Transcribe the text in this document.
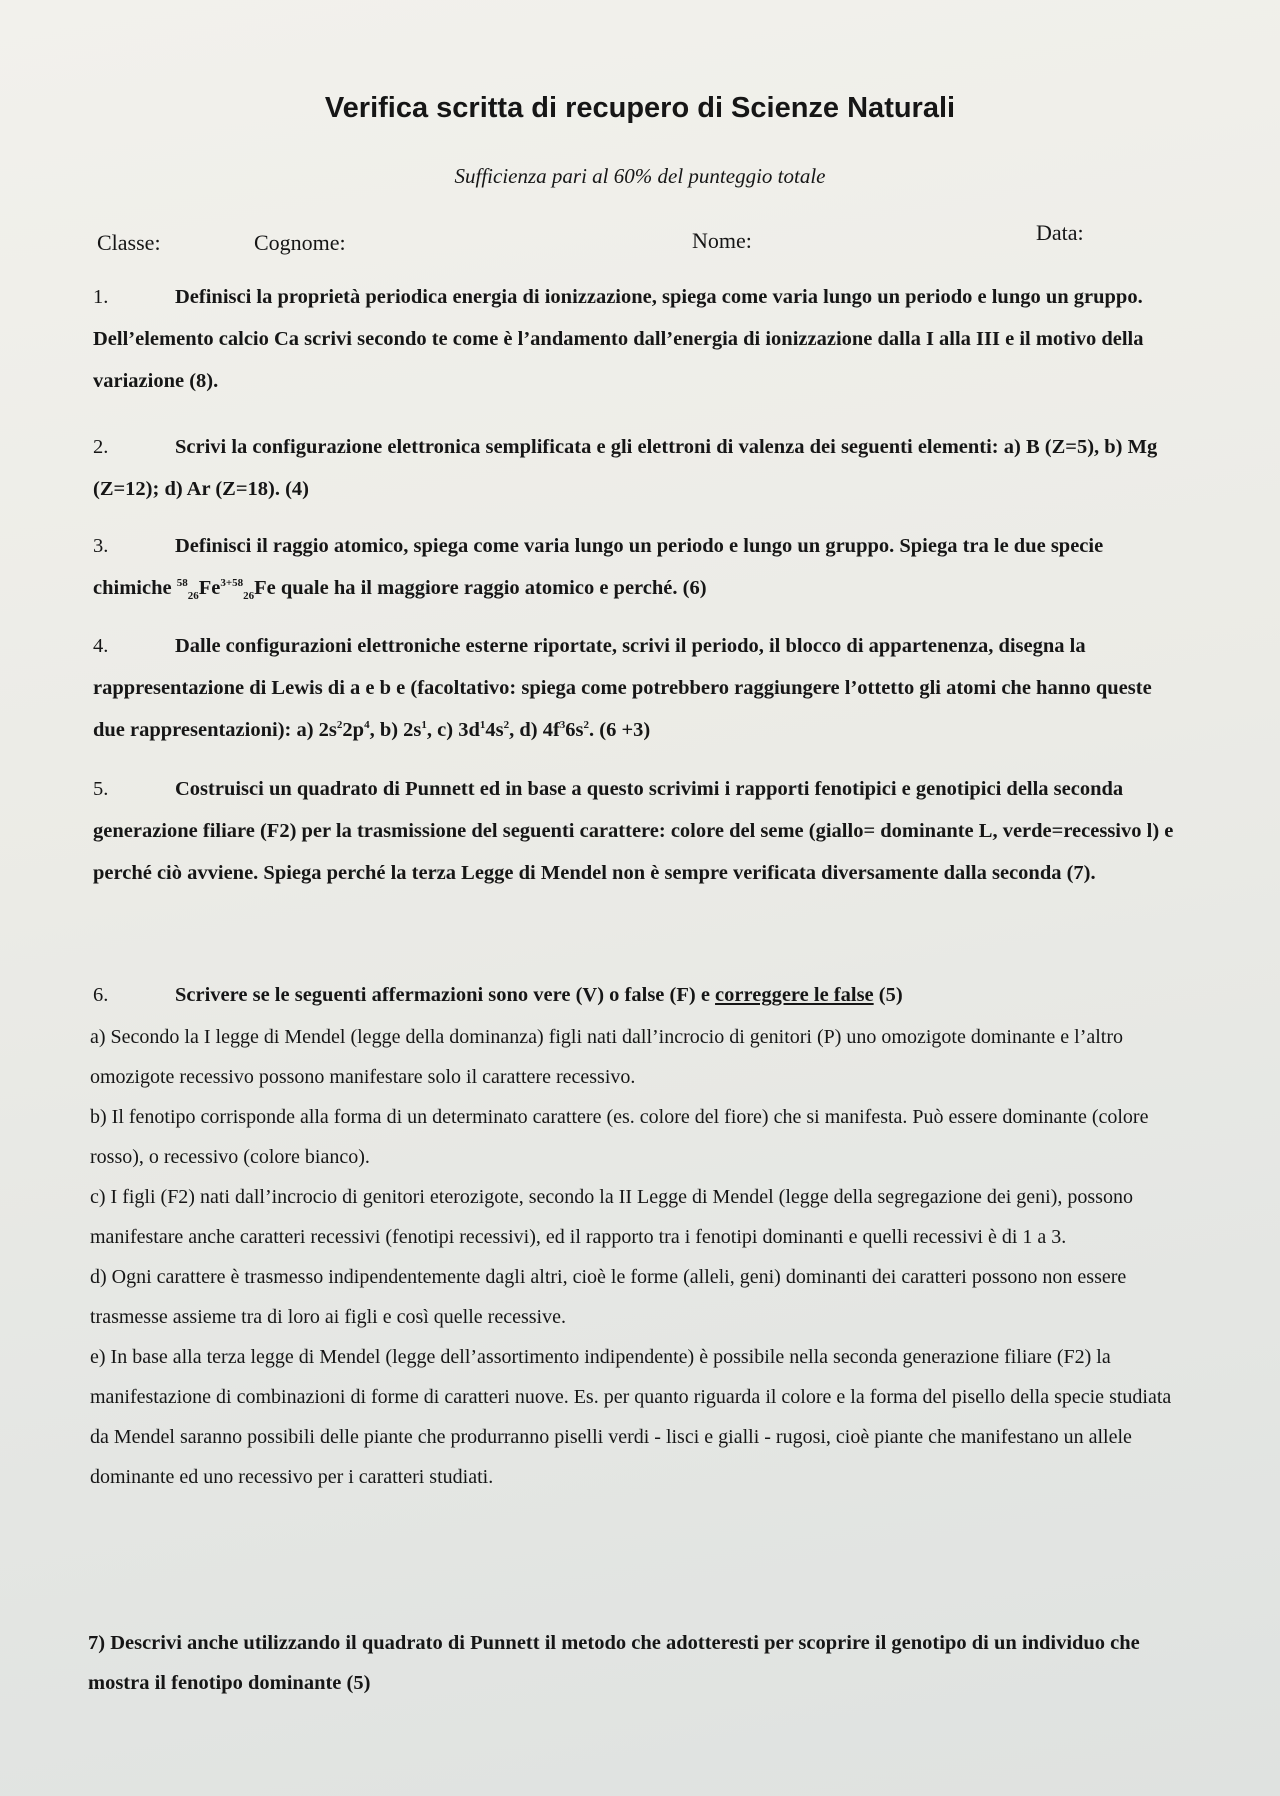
Verifica scritta di recupero di Scienze Naturali
Sufficienza pari al 60% del punteggio totale
Classe:	Cognome:	Nome:	Data:
1.	Definisci la proprietà periodica energia di ionizzazione, spiega come varia lungo un periodo e lungo un gruppo. Dell’elemento calcio Ca scrivi secondo te come è l’andamento dall’energia di ionizzazione dalla I alla III e il motivo della variazione (8).
2.	Scrivi la configurazione elettronica semplificata e gli elettroni di valenza dei seguenti elementi: a) B (Z=5), b) Mg (Z=12); d) Ar (Z=18). (4)
3.	Definisci il raggio atomico, spiega come varia lungo un periodo e lungo un gruppo. Spiega tra le due specie chimiche $^{58}_{26}Fe^{3+58}_{26}Fe$ quale ha il maggiore raggio atomico e perché. (6)
4.	Dalle configurazioni elettroniche esterne riportate, scrivi il periodo, il blocco di appartenenza, disegna la rappresentazione di Lewis di a e b e (facoltativo: spiega come potrebbero raggiungere l’ottetto gli atomi che hanno queste due rappresentazioni): a) $2s^22p^4$, b) $2s^1$, c) $3d^14s^2$, d) $4f^36s^2$. (6 +3)
5.	Costruisci un quadrato di Punnett ed in base a questo scrivimi i rapporti fenotipici e genotipici della seconda generazione filiare (F2) per la trasmissione del seguenti carattere: colore del seme (giallo= dominante L, verde=recessivo l) e perché ciò avviene. Spiega perché la terza Legge di Mendel non è sempre verificata diversamente dalla seconda (7).
6.	Scrivere se le seguenti affermazioni sono vere (V) o false (F) e correggere le false (5)

a) Secondo la I legge di Mendel (legge della dominanza) figli nati dall’incrocio di genitori (P) uno omozigote dominante e l’altro omozigote recessivo possono manifestare solo il carattere recessivo.

b) Il fenotipo corrisponde alla forma di un determinato carattere (es. colore del fiore) che si manifesta. Può essere dominante (colore rosso), o recessivo (colore bianco).

c) I figli (F2) nati dall’incrocio di genitori eterozigote, secondo la II Legge di Mendel (legge della segregazione dei geni), possono manifestare anche caratteri recessivi (fenotipi recessivi), ed il rapporto tra i fenotipi dominanti e quelli recessivi è di 1 a 3.

d) Ogni carattere è trasmesso indipendentemente dagli altri, cioè le forme (alleli, geni) dominanti dei caratteri possono non essere trasmesse assieme tra di loro ai figli e così quelle recessive.

e) In base alla terza legge di Mendel (legge dell’assortimento indipendente) è possibile nella seconda generazione filiare (F2) la manifestazione di combinazioni di forme di caratteri nuove. Es. per quanto riguarda il colore e la forma del pisello della specie studiata da Mendel saranno possibili delle piante che produrranno piselli verdi - lisci e gialli - rugosi, cioè piante che manifestano un allele dominante ed uno recessivo per i caratteri studiati.

7) Descrivi anche utilizzando il quadrato di Punnett il metodo che adotteresti per scoprire il genotipo di un individuo che mostra il fenotipo dominante (5)
